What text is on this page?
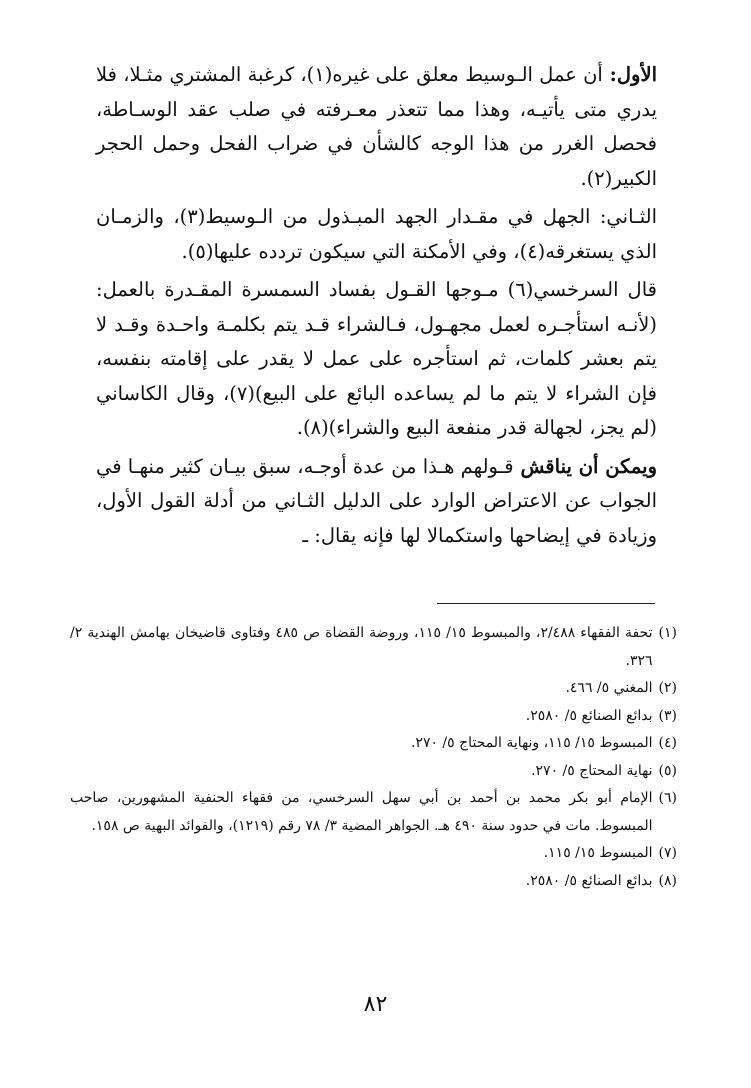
الأول: أن عمل الـوسيط معلق على غيره(١)، كرغبة المشتري مثـلا، فلا يدري متى يأتيـه، وهذا مما تتعذر معـرفته في صلب عقد الوسـاطة، فحصل الغرر من هذا الوجه كالشأن في ضراب الفحل وحمل الحجر الكبير(٢).

الثـاني: الجهل في مقـدار الجهد المبـذول من الـوسيط(٣)، والزمـان الذي يستغرقه(٤)، وفي الأمكنة التي سيكون تردده عليها(٥).

قال السرخسي(٦) مـوجها القـول بفساد السمسرة المقـدرة بالعمل: (لأنـه استأجـره لعمل مجهـول، فـالشراء قـد يتم بكلمـة واحـدة وقـد لا يتم بعشر كلمات، ثم استأجره على عمل لا يقدر على إقامته بنفسه، فإن الشراء لا يتم ما لم يساعده البائع على البيع)(٧)، وقال الكاساني (لم يجز، لجهالة قدر منفعة البيع والشراء)(٨).

ويمكن أن يناقش قـولهم هـذا من عدة أوجـه، سبق بيـان كثير منهـا في الجواب عن الاعتراض الوارد على الدليل الثـاني من أدلة القول الأول، وزيادة في إيضاحها واستكمالا لها فإنه يقال: ـ

(١)
تحفة الفقهاء ٢/٤٨٨، والمبسوط ١٥/ ١١٥، وروضة القضاة ص ٤٨٥ وفتاوى قاضيخان بهامش الهندية ٢/ ٣٢٦.
(٢)
المغني ٥/ ٤٦٦.
(٣)
بدائع الصنائع ٥/ ٢٥٨٠.
(٤)
المبسوط ١٥/ ١١٥، ونهاية المحتاج ٥/ ٢٧٠.
(٥)
نهاية المحتاج ٥/ ٢٧٠.
(٦)
الإمام أبو بكر محمد بن أحمد بن أبي سهل السرخسي، من فقهاء الحنفية المشهورين، صاحب المبسوط. مات في حدود سنة ٤٩٠ هـ. الجواهر المضية ٣/ ٧٨ رقم (١٢١٩)، والفوائد البهية ص ١٥٨.
(٧)
المبسوط ١٥/ ١١٥.
(٨)
بدائع الصنائع ٥/ ٢٥٨٠.
٨٢
